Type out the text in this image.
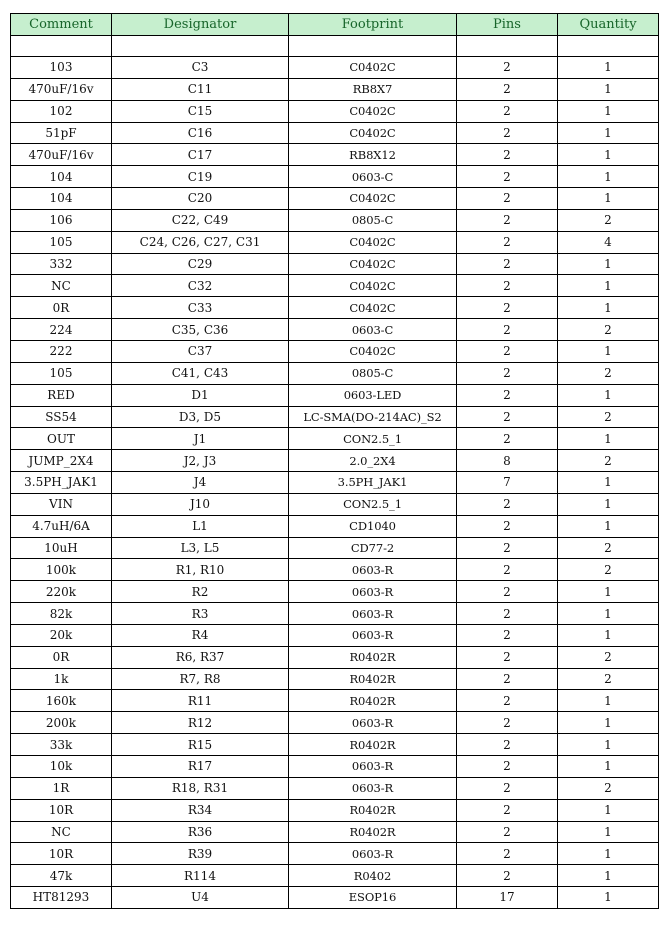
Comment	Designator	Footprint	Pins	Quantity

103	C3	C0402C	2	1
470uF/16v	C11	RB8X7	2	1
102	C15	C0402C	2	1
51pF	C16	C0402C	2	1
470uF/16v	C17	RB8X12	2	1
104	C19	0603-C	2	1
104	C20	C0402C	2	1
106	C22, C49	0805-C	2	2
105	C24, C26, C27, C31	C0402C	2	4
332	C29	C0402C	2	1
NC	C32	C0402C	2	1
0R	C33	C0402C	2	1
224	C35, C36	0603-C	2	2
222	C37	C0402C	2	1
105	C41, C43	0805-C	2	2
RED	D1	0603-LED	2	1
SS54	D3, D5	LC-SMA(DO-214AC)_S2	2	2
OUT	J1	CON2.5_1	2	1
JUMP_2X4	J2, J3	2.0_2X4	8	2
3.5PH_JAK1	J4	3.5PH_JAK1	7	1
VIN	J10	CON2.5_1	2	1
4.7uH/6A	L1	CD1040	2	1
10uH	L3, L5	CD77-2	2	2
100k	R1, R10	0603-R	2	2
220k	R2	0603-R	2	1
82k	R3	0603-R	2	1
20k	R4	0603-R	2	1
0R	R6, R37	R0402R	2	2
1k	R7, R8	R0402R	2	2
160k	R11	R0402R	2	1
200k	R12	0603-R	2	1
33k	R15	R0402R	2	1
10k	R17	0603-R	2	1
1R	R18, R31	0603-R	2	2
10R	R34	R0402R	2	1
NC	R36	R0402R	2	1
10R	R39	0603-R	2	1
47k	R114	R0402	2	1
HT81293	U4	ESOP16	17	1
